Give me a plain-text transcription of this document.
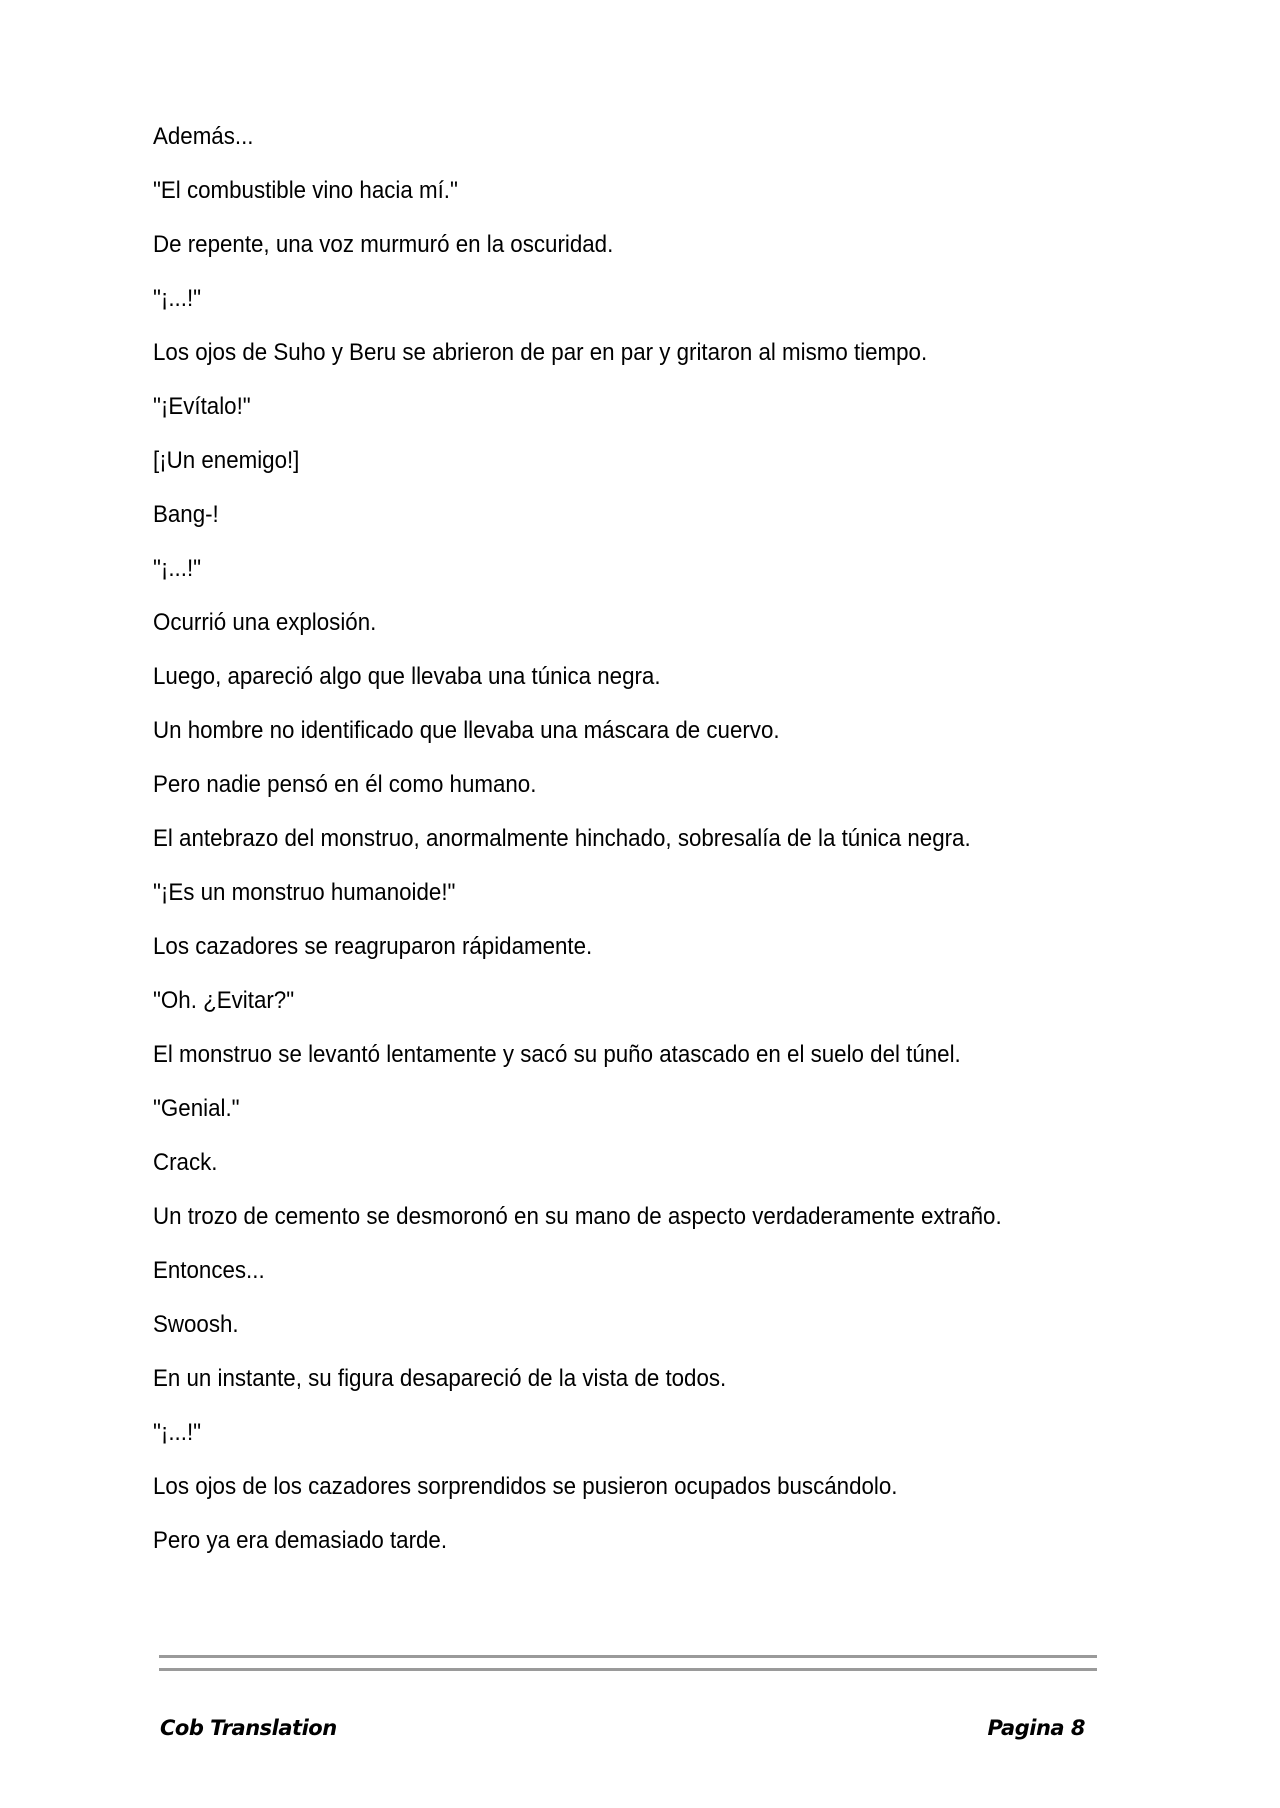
Además...

"El combustible vino hacia mí."

De repente, una voz murmuró en la oscuridad.

"¡...!"

Los ojos de Suho y Beru se abrieron de par en par y gritaron al mismo tiempo.

"¡Evítalo!"

[¡Un enemigo!]

Bang-!

"¡...!"

Ocurrió una explosión.

Luego, apareció algo que llevaba una túnica negra.

Un hombre no identificado que llevaba una máscara de cuervo.

Pero nadie pensó en él como humano.

El antebrazo del monstruo, anormalmente hinchado, sobresalía de la túnica negra.

"¡Es un monstruo humanoide!"

Los cazadores se reagruparon rápidamente.

"Oh. ¿Evitar?"

El monstruo se levantó lentamente y sacó su puño atascado en el suelo del túnel.

"Genial."

Crack.

Un trozo de cemento se desmoronó en su mano de aspecto verdaderamente extraño.

Entonces...

Swoosh.

En un instante, su figura desapareció de la vista de todos.

"¡...!"

Los ojos de los cazadores sorprendidos se pusieron ocupados buscándolo.

Pero ya era demasiado tarde.

Cob Translation	Pagina 8
